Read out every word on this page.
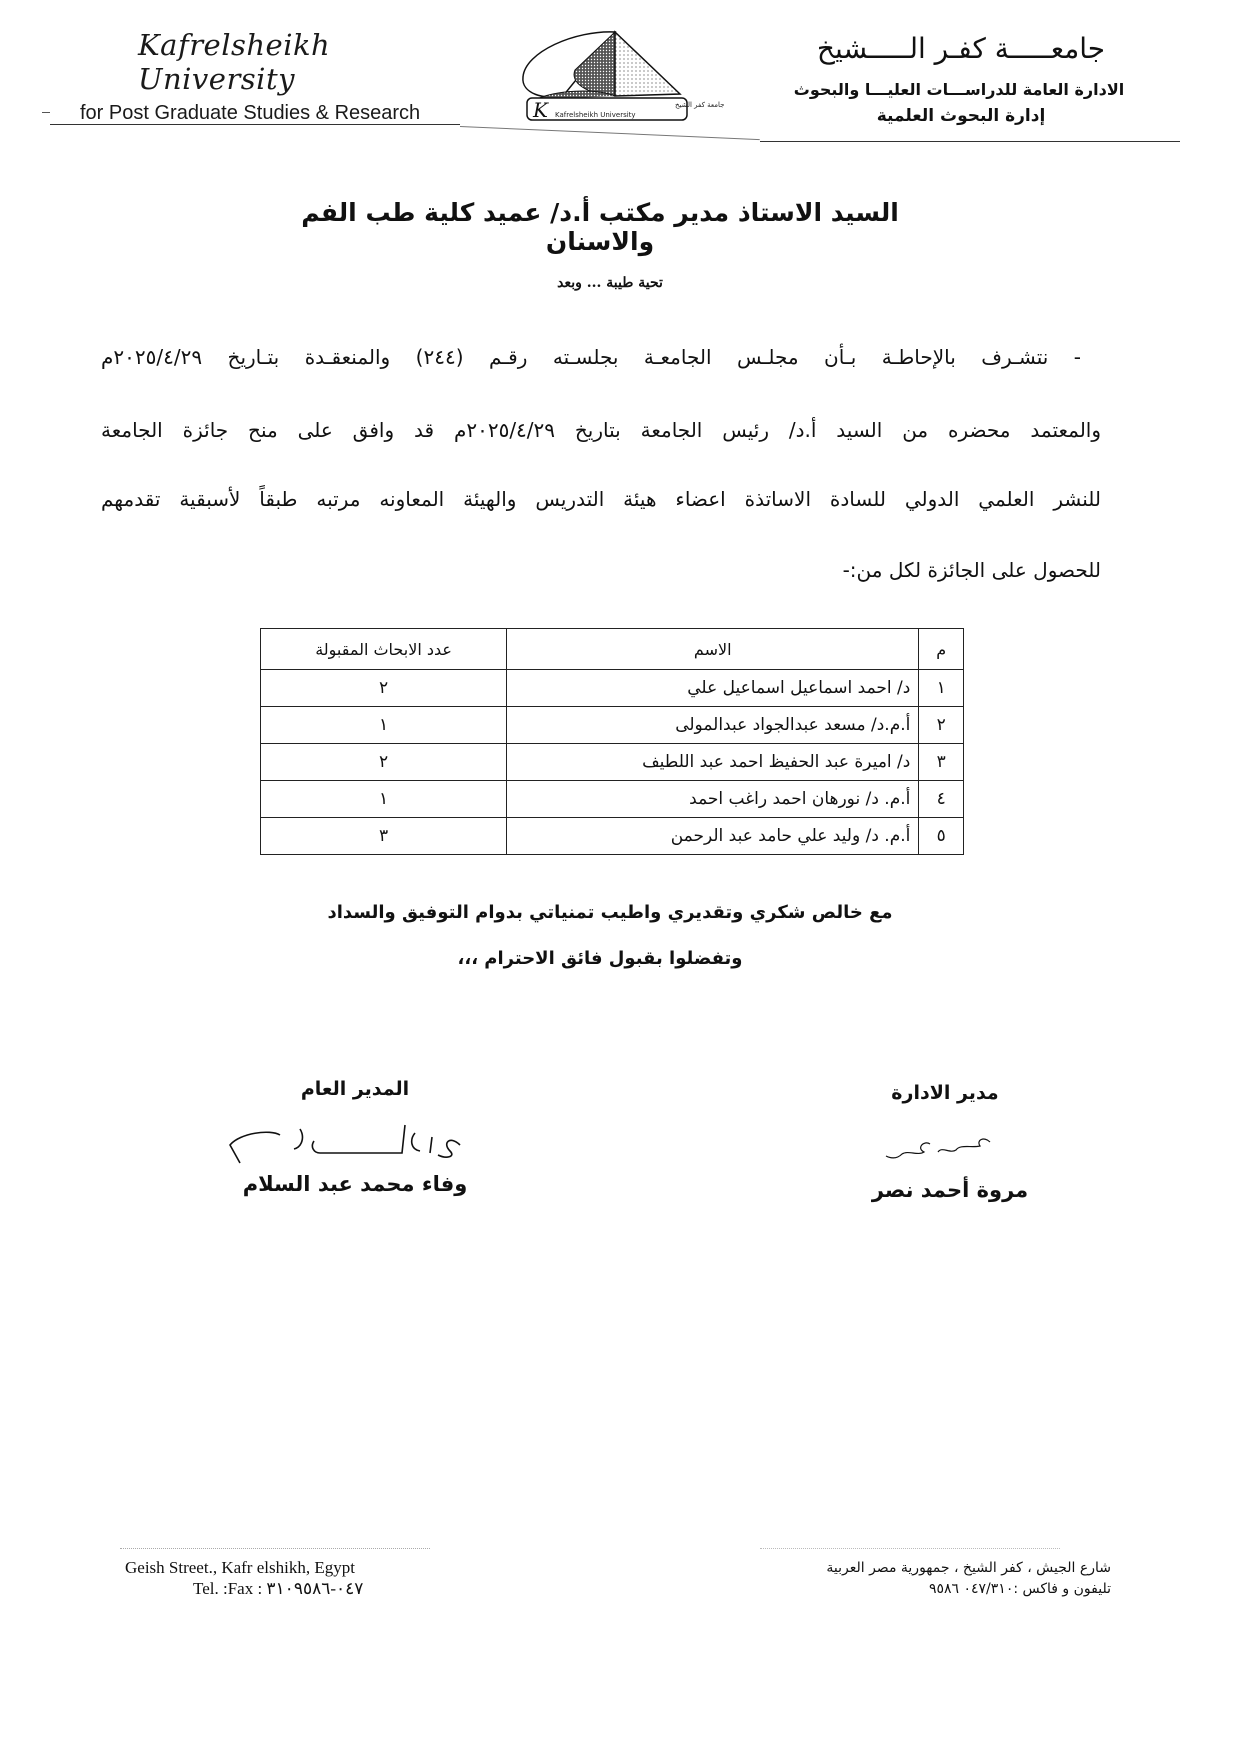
Kafrelsheikh University
for Post Graduate Studies & Research	K Kafrelsheikh University
جامعة كفر الشيخ
جامعـــــة كفـر الـــــشيخ
الادارة العامة للدراســـات العليـــا والبحوث
إدارة البحوث العلمية
السيد الاستاذ مدير مكتب أ.د/ عميد كلية طب الفم والاسنان
تحية طيبة ... وبعد
- نتشـرف بالإحاطـة بـأن مجلـس الجامعـة بجلسـته رقـم (٢٤٤) والمنعقـدة بتـاريخ ٢٠٢٥/٤/٢٩م
والمعتمد محضره من السيد أ.د/ رئيس الجامعة بتاريخ ٢٠٢٥/٤/٢٩م قد وافق على منح جائزة الجامعة
للنشر العلمي الدولي للسادة الاساتذة اعضاء هيئة التدريس والهيئة المعاونه مرتبه طبقاً لأسبقية تقدمهم
للحصول على الجائزة لكل من:-
م	الاسم	عدد الابحاث المقبولة
١	د/ احمد اسماعيل اسماعيل علي	٢
٢	أ.م.د/ مسعد عبدالجواد عبدالمولى	١
٣	د/ اميرة عبد الحفيظ احمد عبد اللطيف	٢
٤	أ.م. د/ نورهان احمد راغب احمد	١
٥	أ.م. د/ وليد علي حامد عبد الرحمن	٣
مع خالص شكري وتقديري واطيب تمنياتي بدوام التوفيق والسداد
وتفضلوا بقبول فائق الاحترام ،،،
المدير العام
وفاء محمد عبد السلام
مدير الادارة
مروة أحمد نصر
Geish Street., Kafr elshikh, Egypt
Tel. :Fax : ٠٤٧-٣١٠٩٥٨٦
شارع الجيش ، كفر الشيخ ، جمهورية مصر العربية
تليفون و فاكس :٠٤٧/٣١٠ ٩٥٨٦
